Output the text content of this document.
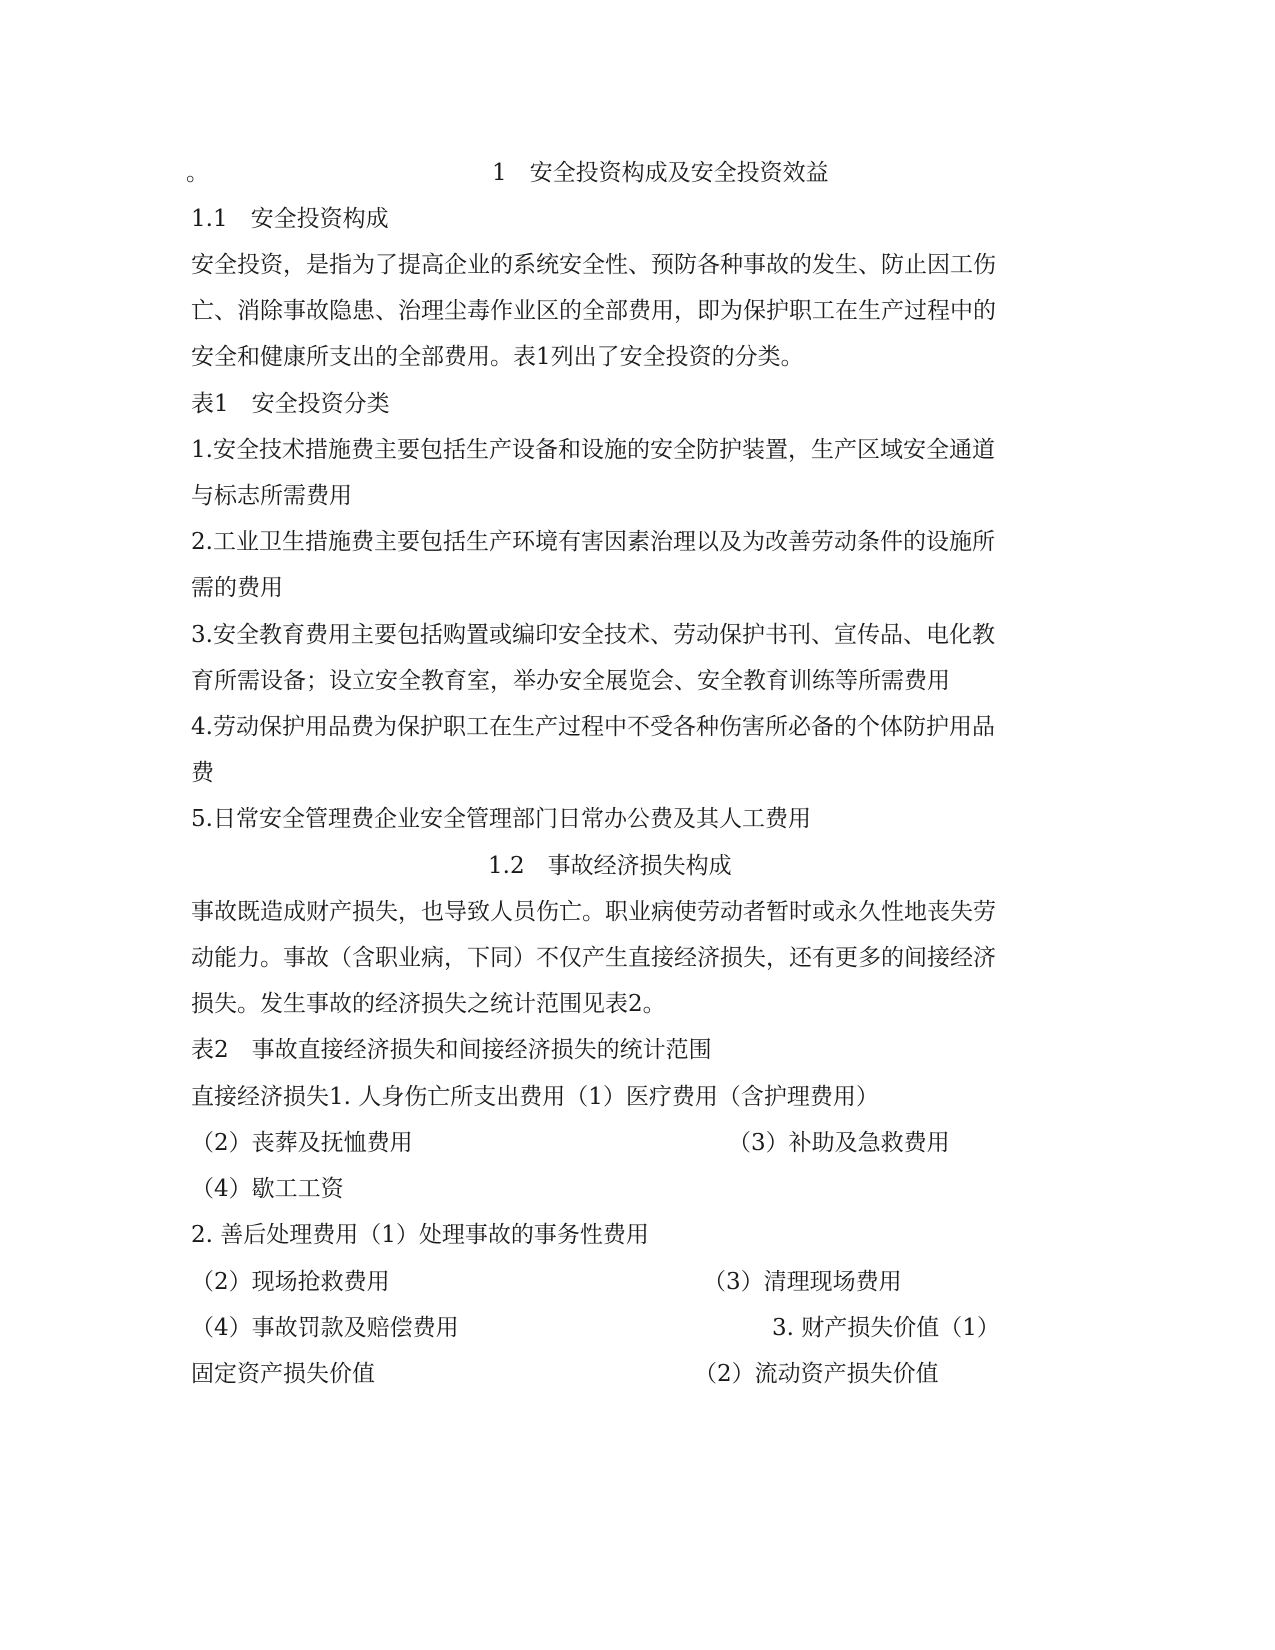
。	1　安全投资构成及安全投资效益
1.1　安全投资构成
安全投资，是指为了提高企业的系统安全性、预防各种事故的发生、防止因工伤
亡、消除事故隐患、治理尘毒作业区的全部费用，即为保护职工在生产过程中的
安全和健康所支出的全部费用。表1列出了安全投资的分类。
表1　安全投资分类
1.安全技术措施费主要包括生产设备和设施的安全防护装置，生产区域安全通道
与标志所需费用
2.工业卫生措施费主要包括生产环境有害因素治理以及为改善劳动条件的设施所
需的费用
3.安全教育费用主要包括购置或编印安全技术、劳动保护书刊、宣传品、电化教
育所需设备；设立安全教育室，举办安全展览会、安全教育训练等所需费用
4.劳动保护用品费为保护职工在生产过程中不受各种伤害所必备的个体防护用品
费
5.日常安全管理费企业安全管理部门日常办公费及其人工费用
1.2　事故经济损失构成
事故既造成财产损失，也导致人员伤亡。职业病使劳动者暂时或永久性地丧失劳
动能力。事故（含职业病，下同）不仅产生直接经济损失，还有更多的间接经济
损失。发生事故的经济损失之统计范围见表2。
表2　事故直接经济损失和间接经济损失的统计范围
直接经济损失1. 人身伤亡所支出费用（1）医疗费用（含护理费用）
（2）丧葬及抚恤费用	（3）补助及急救费用
（4）歇工工资
2. 善后处理费用（1）处理事故的事务性费用
（2）现场抢救费用	（3）清理现场费用
（4）事故罚款及赔偿费用	3. 财产损失价值（1）
固定资产损失价值	（2）流动资产损失价值
